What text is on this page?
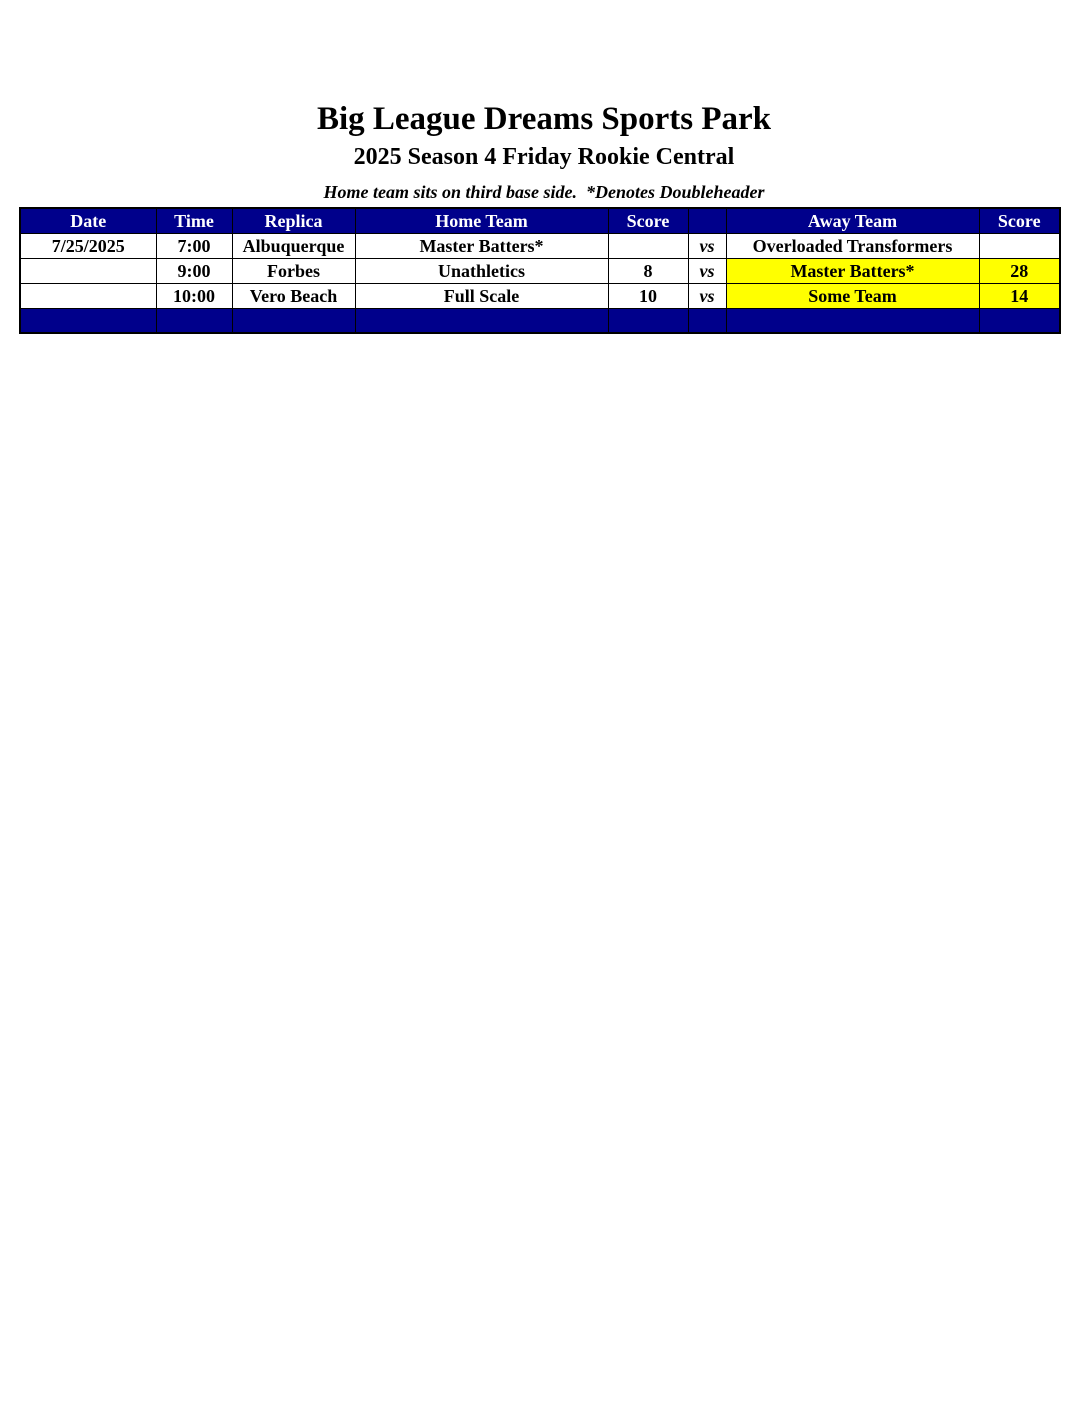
Big League Dreams Sports Park
2025 Season 4 Friday Rookie Central
Home team sits on third base side.  *Denotes Doubleheader
Date	Time	Replica	Home Team	Score		Away Team	Score
7/25/2025	7:00	Albuquerque	Master Batters*		vs	Overloaded Transformers	
	9:00	Forbes	Unathletics	8	vs	Master Batters*	28
	10:00	Vero Beach	Full Scale	10	vs	Some Team	14
